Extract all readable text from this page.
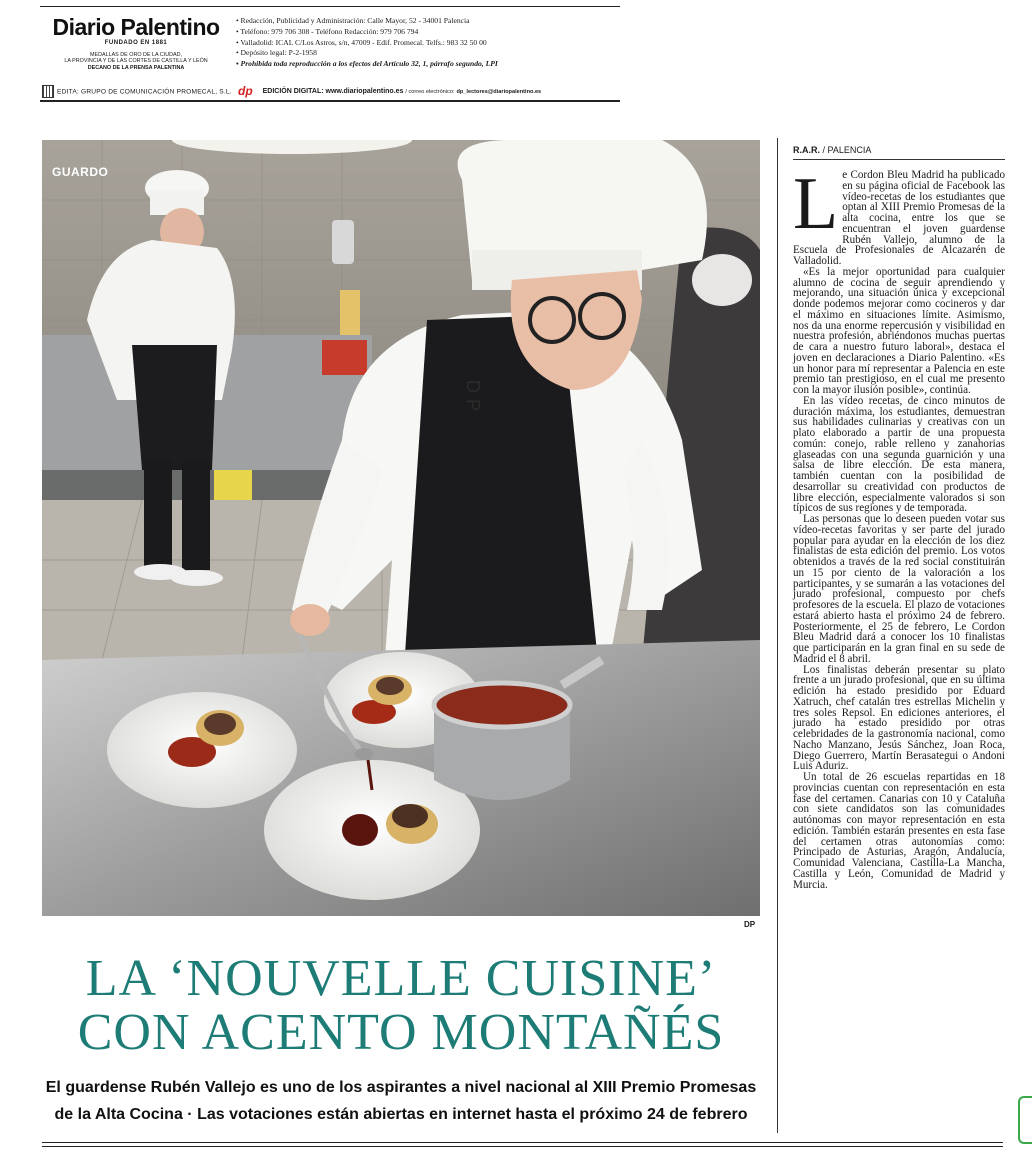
Diario Palentino
FUNDADO EN 1881
MEDALLAS DE ORO DE LA CIUDAD,
LA PROVINCIA Y DE LAS CORTES DE CASTILLA Y LEÓN
DECANO DE LA PRENSA PALENTINA
• Redacción, Publicidad y Administración: Calle Mayor, 52 - 34001 Palencia
• Teléfono: 979 706 308 - Teléfono Redacción: 979 706 794
• Valladolid: ICAL C/Los Astros, s/n, 47009 - Edif. Promecal. Telfs.: 983 32 50 00
• Depósito legal: P-2-1958
• Prohibida toda reproducción a los efectos del Artículo 32, 1, párrafo segundo, LPI
EDITA: GRUPO DE COMUNICACIÓN PROMECAL, S.L. dp EDICIÓN DIGITAL: www.diariopalentino.es / correo electrónico: dp_lectores@diariopalentino.es
GUARDO
DP
DP
LA ‘NOUVELLE CUISINE’
CON ACENTO MONTAÑÉS
El guardense Rubén Vallejo es uno de los aspirantes a nivel nacional al XIII Premio Promesas
de la Alta Cocina · Las votaciones están abiertas en internet hasta el próximo 24 de febrero
R.A.R. / PALENCIA

Le Cordon Bleu Madrid ha publicado en su página oficial de Facebook las vídeo-recetas de los estudiantes que optan al XIII Premio Promesas de la alta cocina, entre los que se encuentran el joven guardense Rubén Vallejo, alumno de la Escuela de Profesionales de Alcazarén de Valladolid.

«Es la mejor oportunidad para cualquier alumno de cocina de seguir aprendiendo y mejorando, una situación única y excepcional donde podemos mejorar como cocineros y dar el máximo en situaciones límite. Asimismo, nos da una enorme repercusión y visibilidad en nuestra profesión, abriéndonos muchas puertas de cara a nuestro futuro laboral», destaca el joven en declaraciones a Diario Palentino. «Es un honor para mí representar a Palencia en este premio tan prestigioso, en el cual me presento con la mayor ilusión posible», continúa.

En las vídeo recetas, de cinco minutos de duración máxima, los estudiantes, demuestran sus habilidades culinarias y creativas con un plato elaborado a partir de una propuesta común: conejo, rable relleno y zanahorias glaseadas con una segunda guarnición y una salsa de libre elección. De esta manera, también cuentan con la posibilidad de desarrollar su creatividad con productos de libre elección, especialmente valorados si son típicos de sus regiones y de temporada.

Las personas que lo deseen pueden votar sus vídeo-recetas favoritas y ser parte del jurado popular para ayudar en la elección de los diez finalistas de esta edición del premio. Los votos obtenidos a través de la red social constituirán un 15 por ciento de la valoración a los participantes, y se sumarán a las votaciones del jurado profesional, compuesto por chefs profesores de la escuela. El plazo de votaciones estará abierto hasta el próximo 24 de febrero. Posteriormente, el 25 de febrero, Le Cordon Bleu Madrid dará a conocer los 10 finalistas que participarán en la gran final en su sede de Madrid el 8 abril.

Los finalistas deberán presentar su plato frente a un jurado profesional, que en su última edición ha estado presidido por Eduard Xatruch, chef catalán tres estrellas Michelin y tres soles Repsol. En ediciones anteriores, el jurado ha estado presidido por otras celebridades de la gastronomía nacional, como Nacho Manzano, Jesús Sánchez, Joan Roca, Diego Guerrero, Martín Berasategui o Andoni Luis Aduriz.

Un total de 26 escuelas repartidas en 18 provincias cuentan con representación en esta fase del certamen. Canarias con 10 y Cataluña con siete candidatos son las comunidades autónomas con mayor representación en esta edición. También estarán presentes en esta fase del certamen otras autonomías como: Principado de Asturias, Aragón, Andalucía, Comunidad Valenciana, Castilla-La Mancha, Castilla y León, Comunidad de Madrid y Murcia.
